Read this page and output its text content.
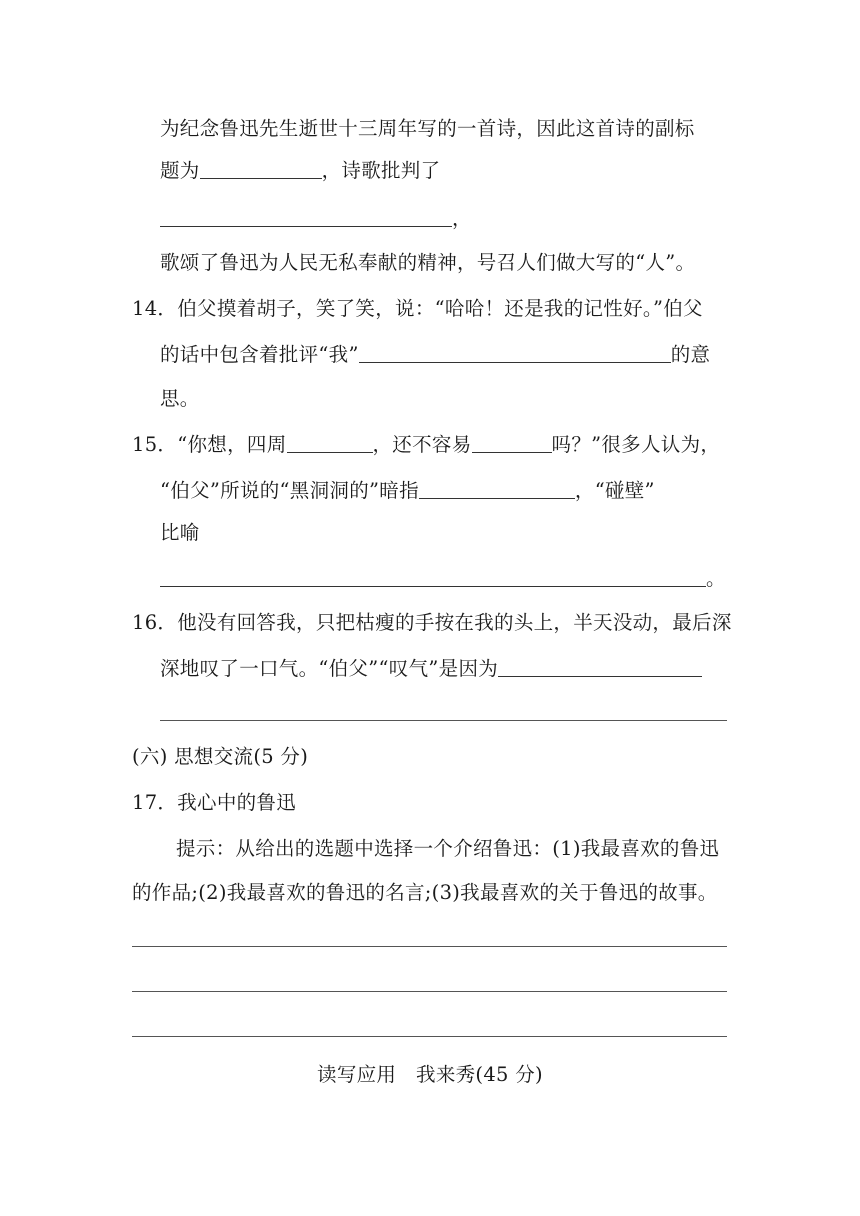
为纪念鲁迅先生逝世十三周年写的一首诗，因此这首诗的副标
题为	，诗歌批判了
，
歌颂了鲁迅为人民无私奉献的精神，号召人们做大写的“人”。
14．伯父摸着胡子，笑了笑，说：“哈哈！还是我的记性好。”伯父
的话中包含着批评“我”	的意
思。
15．“你想，四周	，还不容易	吗？”很多人认为，
“伯父”所说的“黑洞洞的”暗指	，“碰壁”
比喻
。
16．他没有回答我，只把枯瘦的手按在我的头上，半天没动，最后深
深地叹了一口气。“伯父”“叹气”是因为
(六) 思想交流(5 分)
17．我心中的鲁迅
提示：从给出的选题中选择一个介绍鲁迅：(1)我最喜欢的鲁迅
的作品;(2)我最喜欢的鲁迅的名言;(3)我最喜欢的关于鲁迅的故事。
读写应用　我来秀(45 分)
